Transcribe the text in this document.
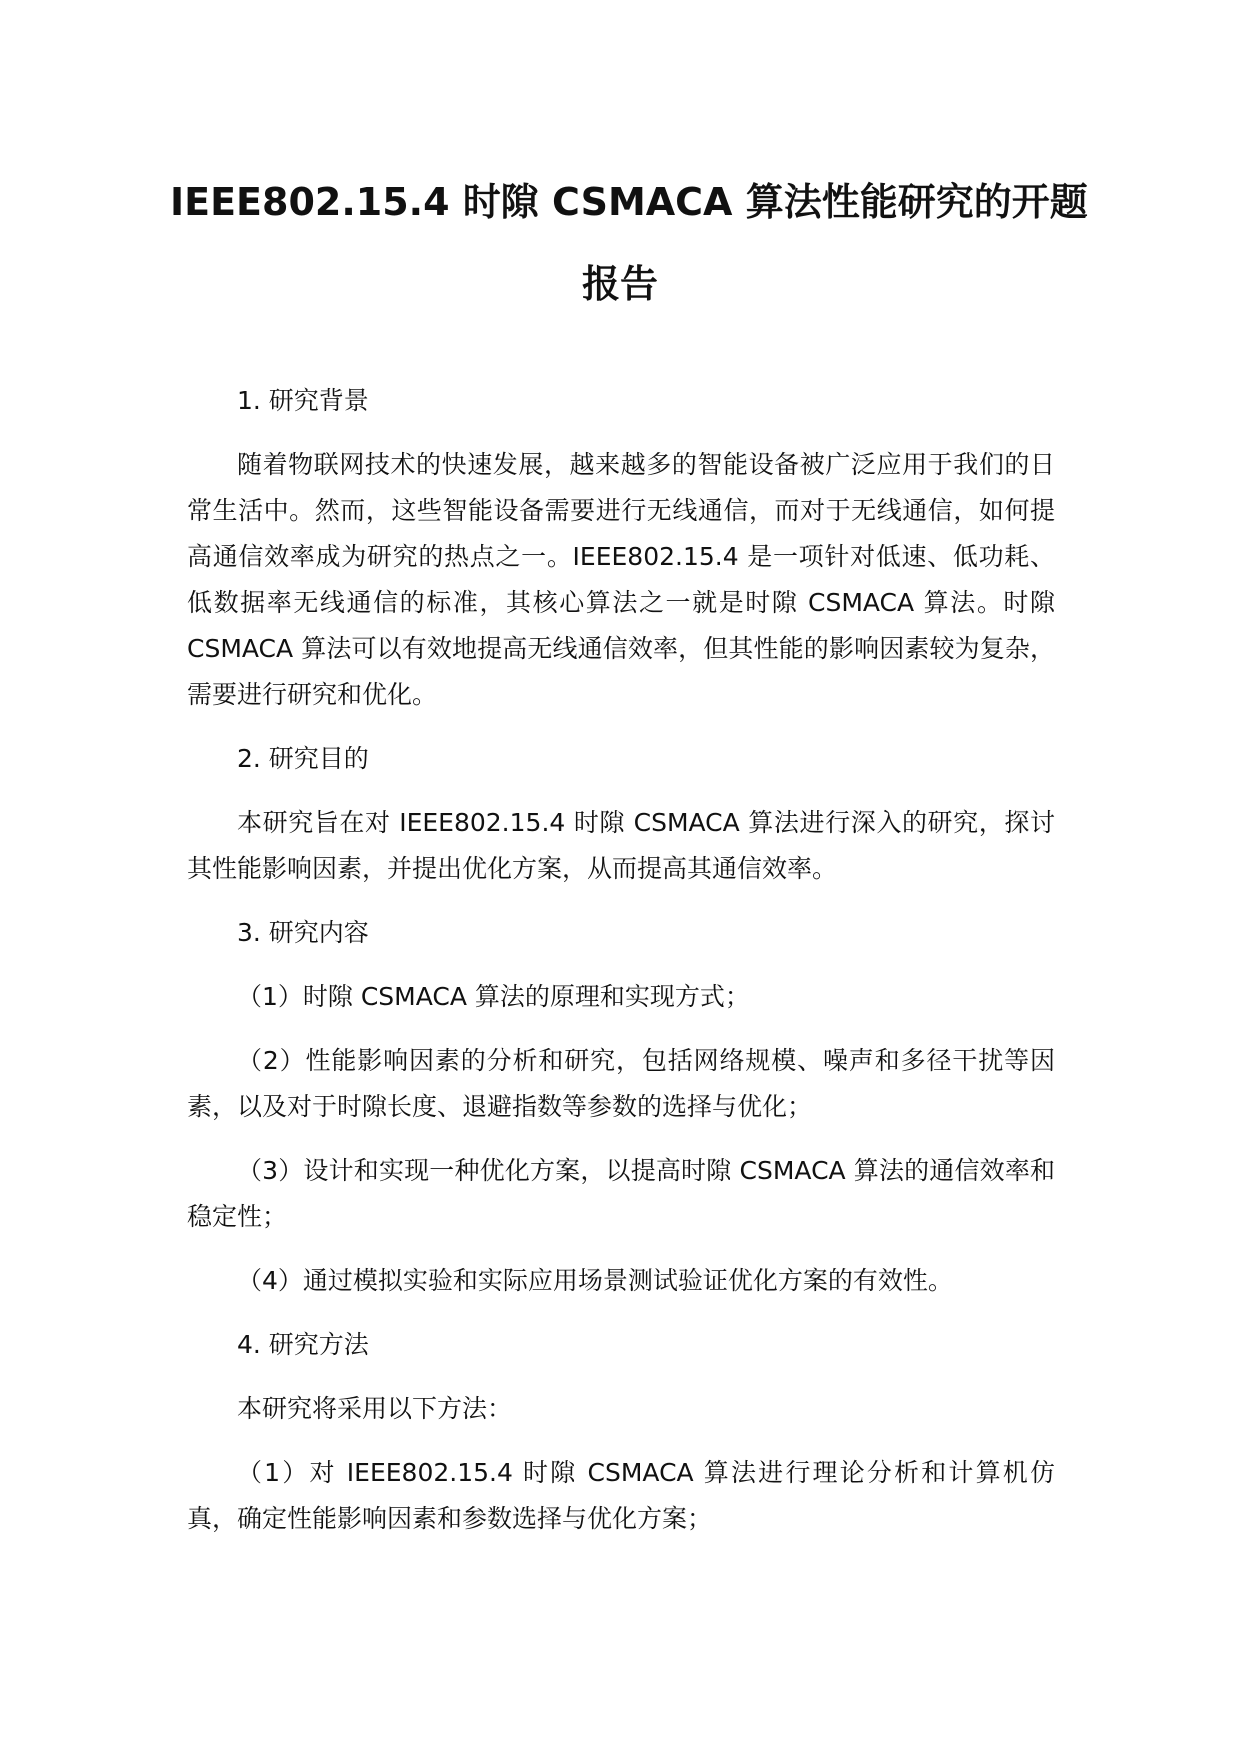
IEEE802.15.4 时隙 CSMACA 算法性能研究的开题
报告

1. 研究背景

随着物联网技术的快速发展，越来越多的智能设备被广泛应用于我们的日常生活中。然而，这些智能设备需要进行无线通信，而对于无线通信，如何提高通信效率成为研究的热点之一。IEEE802.15.4 是一项针对低速、低功耗、低数据率无线通信的标准，其核心算法之一就是时隙 CSMACA 算法。时隙 CSMACA 算法可以有效地提高无线通信效率，但其性能的影响因素较为复杂，需要进行研究和优化。

2. 研究目的

本研究旨在对 IEEE802.15.4 时隙 CSMACA 算法进行深入的研究，探讨其性能影响因素，并提出优化方案，从而提高其通信效率。

3. 研究内容

（1）时隙 CSMACA 算法的原理和实现方式；

（2）性能影响因素的分析和研究，包括网络规模、噪声和多径干扰等因素，以及对于时隙长度、退避指数等参数的选择与优化；

（3）设计和实现一种优化方案，以提高时隙 CSMACA 算法的通信效率和稳定性；

（4）通过模拟实验和实际应用场景测试验证优化方案的有效性。

4. 研究方法

本研究将采用以下方法：

（1）对 IEEE802.15.4 时隙 CSMACA 算法进行理论分析和计算机仿真，确定性能影响因素和参数选择与优化方案；
